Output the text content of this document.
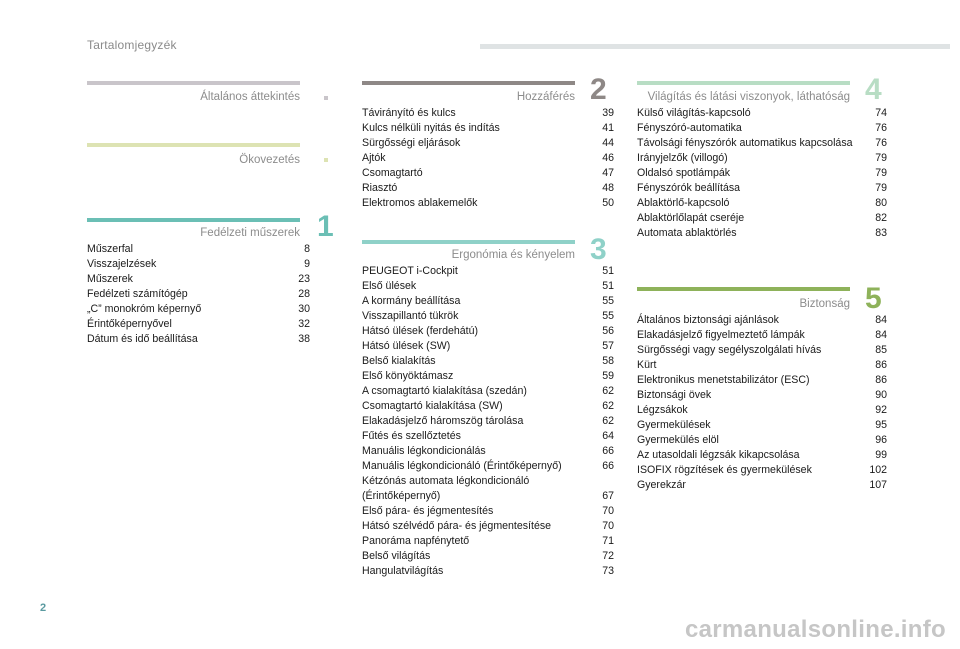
Tartalomjegyzék
Általános áttekintés
Ökovezetés
Fedélzeti műszerek 1
Műszerfal	8
Visszajelzések	9
Műszerek	23
Fedélzeti számítógép	28
„C” monokróm képernyő	30
Érintőképernyővel	32
Dátum és idő beállítása	38
Hozzáférés 2
Távirányító és kulcs	39
Kulcs nélküli nyitás és indítás	41
Sürgősségi eljárások	44
Ajtók	46
Csomagtartó	47
Riasztó	48
Elektromos ablakemelők	50
Ergonómia és kényelem 3
PEUGEOT i-Cockpit	51
Első ülések	51
A kormány beállítása	55
Visszapillantó tükrök	55
Hátsó ülések (ferdehátú)	56
Hátsó ülések (SW)	57
Belső kialakítás	58
Első könyöktámasz	59
A csomagtartó kialakítása (szedán)	62
Csomagtartó kialakítása (SW)	62
Elakadásjelző háromszög tárolása	62
Fűtés és szellőztetés	64
Manuális légkondicionálás	66
Manuális légkondicionáló (Érintőképernyő)	66
Kétzónás automata légkondicionáló (Érintőképernyő)	67
Első pára- és jégmentesítés	70
Hátsó szélvédő pára- és jégmentesítése	70
Panoráma napfénytető	71
Belső világítás	72
Hangulatvilágítás	73
Világítás és látási viszonyok, láthatóság 4
Külső világítás-kapcsoló	74
Fényszóró-automatika	76
Távolsági fényszórók automatikus kapcsolása	76
Irányjelzők (villogó)	79
Oldalsó spotlámpák	79
Fényszórók beállítása	79
Ablaktörlő-kapcsoló	80
Ablaktörlőlapát cseréje	82
Automata ablaktörlés	83
Biztonság 5
Általános biztonsági ajánlások	84
Elakadásjelző figyelmeztető lámpák	84
Sürgősségi vagy segélyszolgálati hívás	85
Kürt	86
Elektronikus menetstabilizátor (ESC)	86
Biztonsági övek	90
Légzsákok	92
Gyermekülések	95
Gyermekülés elöl	96
Az utasoldali légzsák kikapcsolása	99
ISOFIX rögzítések és gyermekülések	102
Gyerekzár	107
2
carmanualsonline.info
